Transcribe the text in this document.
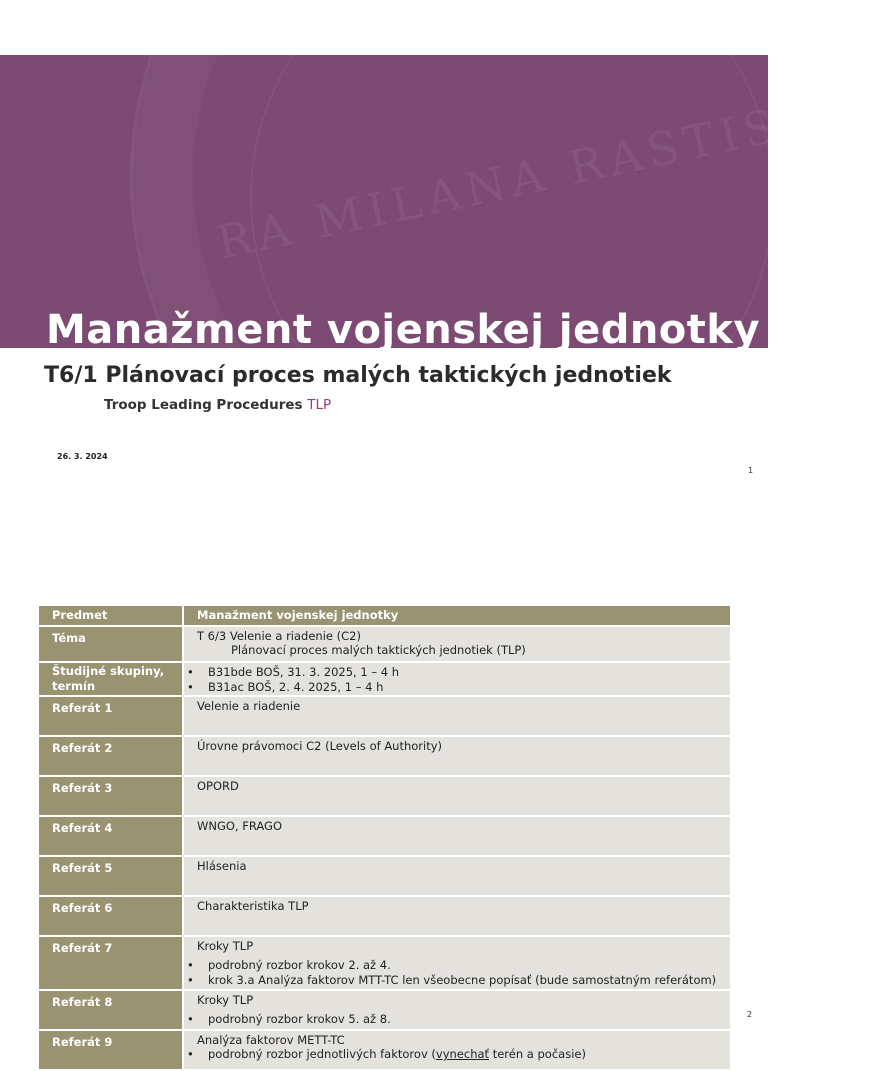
RA MILANA RASTISLAV
Manažment vojenskej jednotky
T6/1 Plánovací proces malých taktických jednotiek
Troop Leading Procedures TLP
26. 3. 2024
1
Predmet	Manažment vojenskej jednotky
Téma	T 6/3 Velenie a riadenie (C2)
Plánovací proces malých taktických jednotiek (TLP)

Študijné skupiny, termín	• B31bde BOŠ, 31. 3. 2025, 1 – 4 h
• B31ac BOŠ, 2. 4. 2025, 1 – 4 h

Referát 1	Velenie a riadenie

Referát 2	Úrovne právomoci C2 (Levels of Authority)

Referát 3	OPORD

Referát 4	WNGO, FRAGO

Referát 5	Hlásenia

Referát 6	Charakteristika TLP

Referát 7	Kroky TLP
• podrobný rozbor krokov 2. až 4.
• krok 3.a Analýza faktorov MTT-TC len všeobecne popísať (bude samostatným referátom)

Referát 8	Kroky TLP
• podrobný rozbor krokov 5. až 8.

Referát 9	Analýza faktorov METT-TC
• podrobný rozbor jednotlivých faktorov (vynechať terén a počasie)
2
